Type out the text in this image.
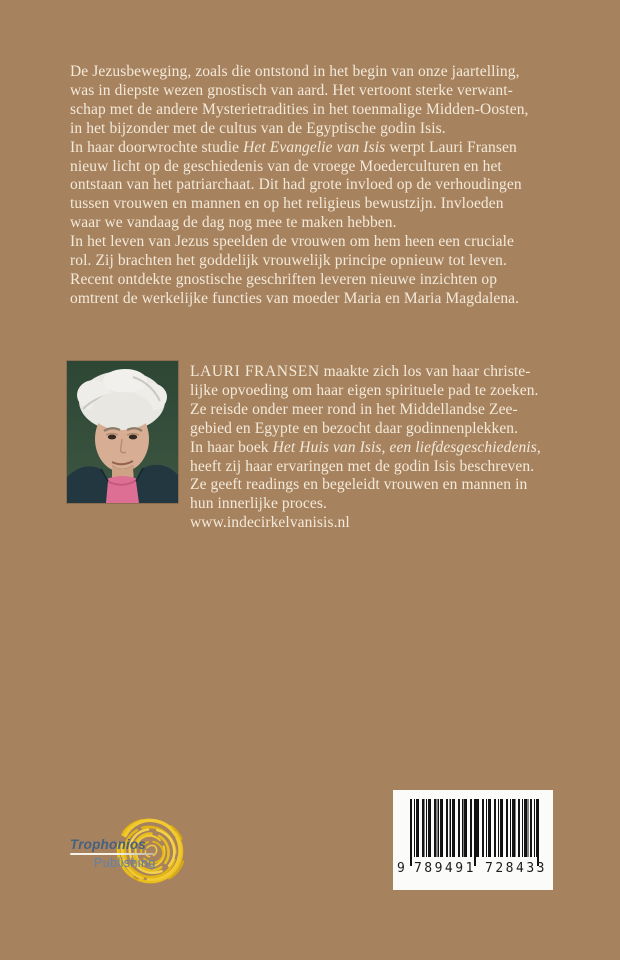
De Jezusbeweging, zoals die ontstond in het begin van onze jaartelling,
was in diepste wezen gnostisch van aard. Het vertoont sterke verwant-
schap met de andere Mysterietradities in het toenmalige Midden-Oosten,
in het bijzonder met de cultus van de Egyptische godin Isis.
In haar doorwrochte studie Het Evangelie van Isis werpt Lauri Fransen
nieuw licht op de geschiedenis van de vroege Moederculturen en het
ontstaan van het patriarchaat. Dit had grote invloed op de verhoudingen
tussen vrouwen en mannen en op het religieus bewustzijn. Invloeden
waar we vandaag de dag nog mee te maken hebben.
In het leven van Jezus speelden de vrouwen om hem heen een cruciale
rol. Zij brachten het goddelijk vrouwelijk principe opnieuw tot leven.
Recent ontdekte gnostische geschriften leveren nieuwe inzichten op
omtrent de werkelijke functies van moeder Maria en Maria Magdalena.
LAURI FRANSEN maakte zich los van haar christe-
lijke opvoeding om haar eigen spirituele pad te zoeken.
Ze reisde onder meer rond in het Middellandse Zee-
gebied en Egypte en bezocht daar godinnenplekken.
In haar boek Het Huis van Isis, een liefdesgeschiedenis,
heeft zij haar ervaringen met de godin Isis beschreven.
Ze geeft readings en begeleidt vrouwen en mannen in
hun innerlijke proces.
www.indecirkelvanisis.nl
Trophonios
Publishing	9 789491 728433
